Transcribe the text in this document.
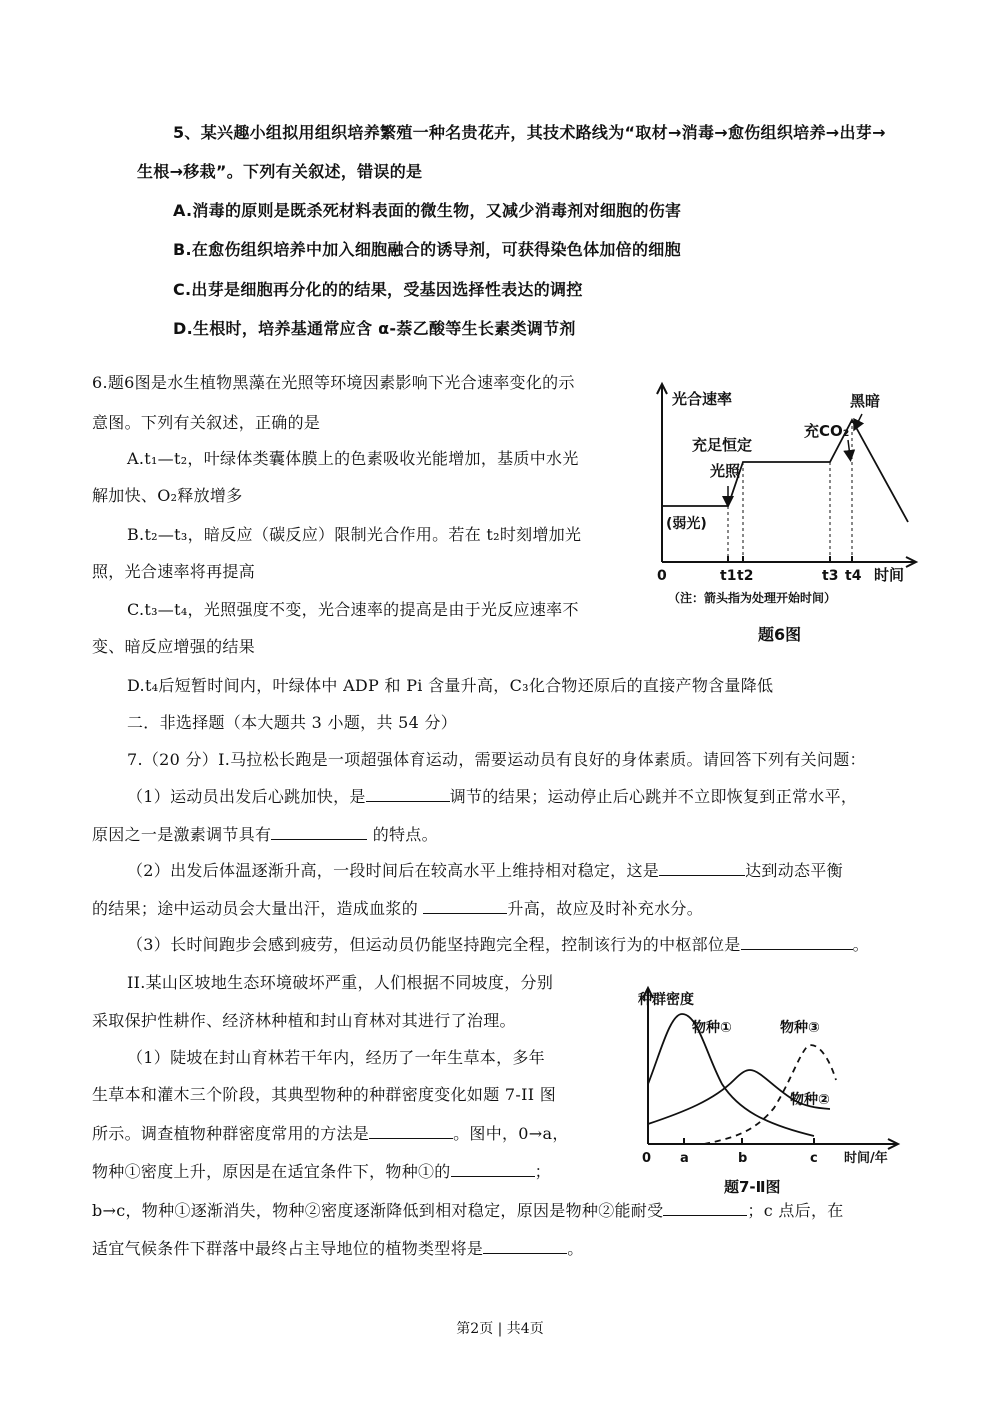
5、某兴趣小组拟用组织培养繁殖一种名贵花卉，其技术路线为“取材→消毒→愈伤组织培养→出芽→
生根→移栽”。下列有关叙述，错误的是
A.消毒的原则是既杀死材料表面的微生物，又减少消毒剂对细胞的伤害
B.在愈伤组织培养中加入细胞融合的诱导剂，可获得染色体加倍的细胞
C.出芽是细胞再分化的的结果，受基因选择性表达的调控
D.生根时，培养基通常应含 α-萘乙酸等生长素类调节剂
6.题6图是水生植物黑藻在光照等环境因素影响下光合速率变化的示
意图。下列有关叙述，正确的是
A.t₁—t₂，叶绿体类囊体膜上的色素吸收光能增加，基质中水光
解加快、O₂释放增多
B.t₂—t₃，暗反应（碳反应）限制光合作用。若在 t₂时刻增加光
照，光合速率将再提高
C.t₃—t₄，光照强度不变，光合速率的提高是由于光反应速率不
变、暗反应增强的结果
D.t₄后短暂时间内，叶绿体中 ADP 和 Pi 含量升高，C₃化合物还原后的直接产物含量降低
光合速率
(弱光)
充足恒定
光照
充CO₂
黑暗
0	t1 t2	t3 t4 时间
（注：箭头指为处理开始时间）
题6图
二．非选择题（本大题共 3 小题，共 54 分）
7.（20 分）I.马拉松长跑是一项超强体育运动，需要运动员有良好的身体素质。请回答下列有关问题：
（1）运动员出发后心跳加快，是	调节的结果；运动停止后心跳并不立即恢复到正常水平，
原因之一是激素调节具有	的特点。
（2）出发后体温逐渐升高，一段时间后在较高水平上维持相对稳定，这是	达到动态平衡
的结果；途中运动员会大量出汗，造成血浆的	升高，故应及时补充水分。
（3）长时间跑步会感到疲劳，但运动员仍能坚持跑完全程，控制该行为的中枢部位是	。
II.某山区坡地生态环境破坏严重，人们根据不同坡度，分别
采取保护性耕作、经济林种植和封山育林对其进行了治理。
（1）陡坡在封山育林若干年内，经历了一年生草本，多年
生草本和灌木三个阶段，其典型物种的种群密度变化如题 7-II 图
所示。调查植物种群密度常用的方法是	。图中，0→a，
物种①密度上升，原因是在适宜条件下，物种①的	；
b→c，物种①逐渐消失，物种②密度逐渐降低到相对稳定，原因是物种②能耐受	；c 点后，在
适宜气候条件下群落中最终占主导地位的植物类型将是	。
种群密度
物种①	物种③
物种②
0 a	b	c 时间/年
题7-Ⅱ图
第2页 | 共4页
